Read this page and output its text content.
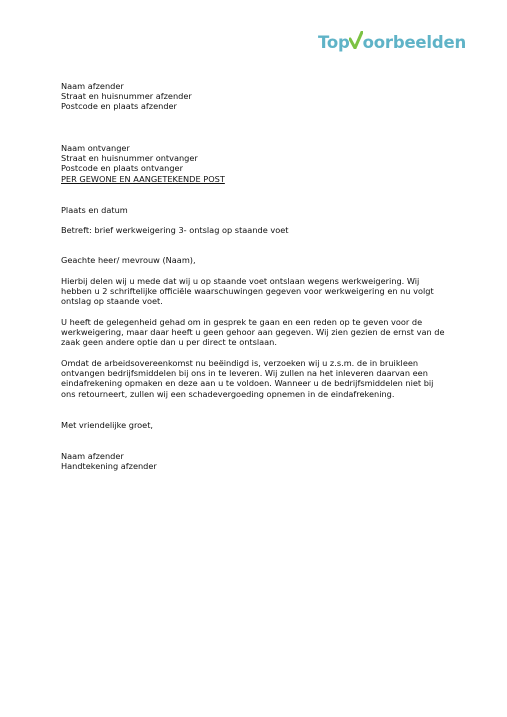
Top oorbeelden
Naam afzender
Straat en huisnummer afzender
Postcode en plaats afzender
Naam ontvanger
Straat en huisnummer ontvanger
Postcode en plaats ontvanger
PER GEWONE EN AANGETEKENDE POST
Plaats en datum
Betreft: brief werkweigering 3- ontslag op staande voet
Geachte heer/ mevrouw (Naam),
Hierbij delen wij u mede dat wij u op staande voet ontslaan wegens werkweigering. Wij
hebben u 2 schriftelijke officiële waarschuwingen gegeven voor werkweigering en nu volgt
ontslag op staande voet.
U heeft de gelegenheid gehad om in gesprek te gaan en een reden op te geven voor de
werkweigering, maar daar heeft u geen gehoor aan gegeven. Wij zien gezien de ernst van de
zaak geen andere optie dan u per direct te ontslaan.
Omdat de arbeidsovereenkomst nu beëindigd is, verzoeken wij u z.s.m. de in bruikleen
ontvangen bedrijfsmiddelen bij ons in te leveren. Wij zullen na het inleveren daarvan een
eindafrekening opmaken en deze aan u te voldoen. Wanneer u de bedrijfsmiddelen niet bij
ons retourneert, zullen wij een schadevergoeding opnemen in de eindafrekening.
Met vriendelijke groet,
Naam afzender
Handtekening afzender
